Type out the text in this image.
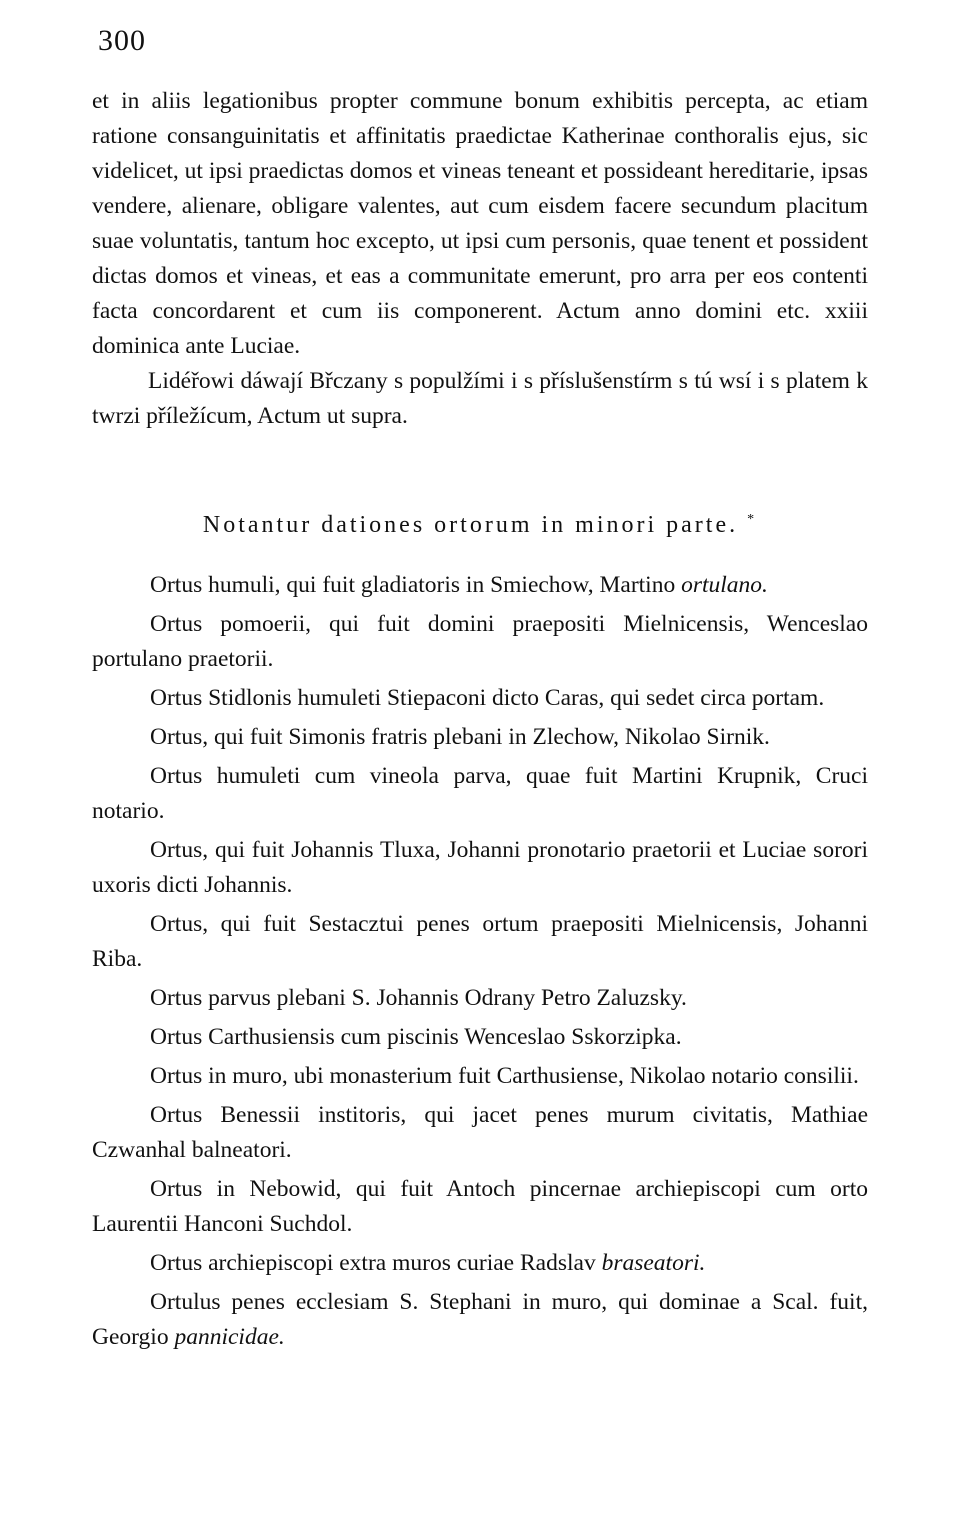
300

et in aliis legationibus propter commune bonum exhibitis percepta, ac etiam ratione consanguinitatis et affinitatis praedictae Katherinae conthoralis ejus, sic videlicet, ut ipsi praedictas domos et vineas teneant et possideant hereditarie, ipsas vendere, alienare, obligare valentes, aut cum eisdem facere secundum placitum suae voluntatis, tantum hoc excepto, ut ipsi cum personis, quae tenent et possident dictas domos et vineas, et eas a communitate emerunt, pro arra per eos contenti facta concordarent et cum iis componerent. Actum anno domini etc. xxiii dominica ante Luciae.

Lidéřowi dáwají Břczany s populžími i s příslušenstírm s tú wsí i s platem k twrzi příležícum, Actum ut supra.

Notantur dationes ortorum in minori parte. *

Ortus humuli, qui fuit gladiatoris in Smiechow, Martino ortulano.

Ortus pomoerii, qui fuit domini praepositi Mielnicensis, Wenceslao portulano praetorii.

Ortus Stidlonis humuleti Stiepaconi dicto Caras, qui sedet circa portam.

Ortus, qui fuit Simonis fratris plebani in Zlechow, Nikolao Sirnik.

Ortus humuleti cum vineola parva, quae fuit Martini Krupnik, Cruci notario.

Ortus, qui fuit Johannis Tluxa, Johanni pronotario praetorii et Luciae sorori uxoris dicti Johannis.

Ortus, qui fuit Sestacztui penes ortum praepositi Mielnicensis, Johanni Riba.

Ortus parvus plebani S. Johannis Odrany Petro Zaluzsky.

Ortus Carthusiensis cum piscinis Wenceslao Sskorzipka.

Ortus in muro, ubi monasterium fuit Carthusiense, Nikolao notario consilii.

Ortus Benessii institoris, qui jacet penes murum civitatis, Mathiae Czwanhal balneatori.

Ortus in Nebowid, qui fuit Antoch pincernae archiepiscopi cum orto Laurentii Hanconi Suchdol.

Ortus archiepiscopi extra muros curiae Radslav braseatori.

Ortulus penes ecclesiam S. Stephani in muro, qui dominae a Scal. fuit, Georgio pannicidae.
